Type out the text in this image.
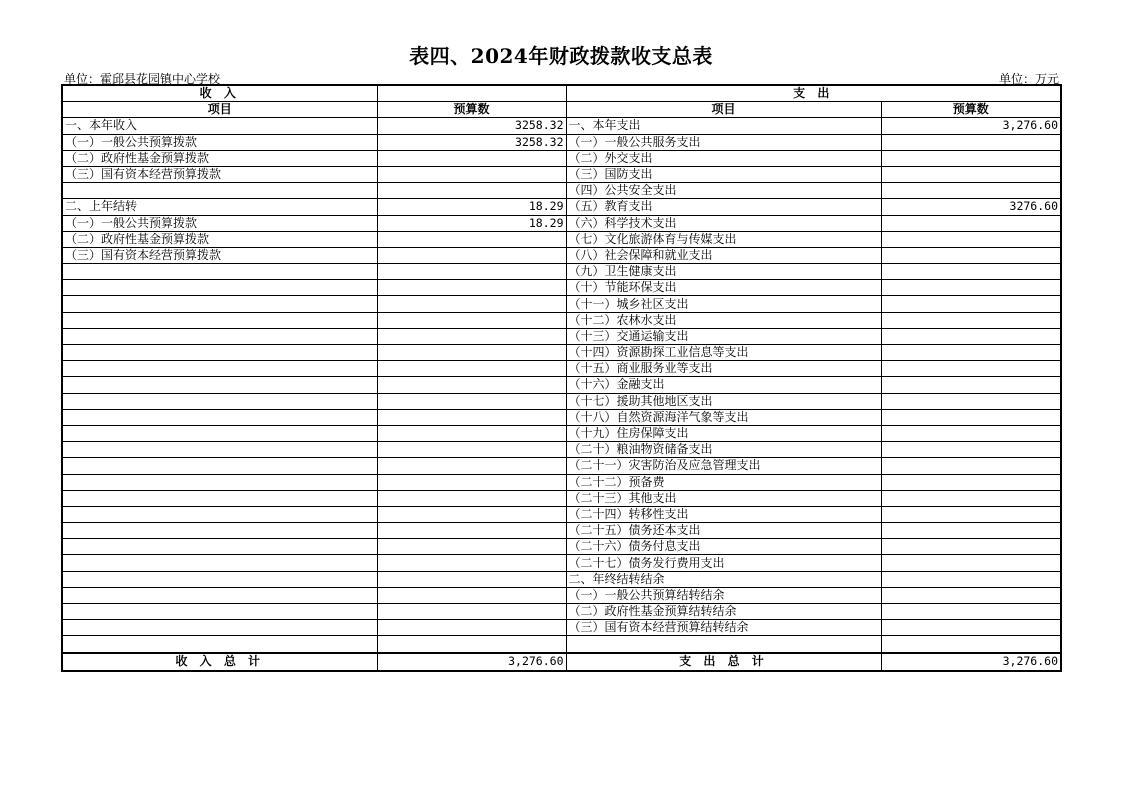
表四、2024年财政拨款收支总表
单位：霍邱县花园镇中心学校	单位：万元
收 入		支 出	
项目	预算数	项目	预算数
一、本年收入	3258.32	一、本年支出	3,276.60
（一）一般公共预算拨款	3258.32	（一）一般公共服务支出	
（二）政府性基金预算拨款		（二）外交支出	
（三）国有资本经营预算拨款		（三）国防支出	
		（四）公共安全支出	
二、上年结转	18.29	（五）教育支出	3276.60
（一）一般公共预算拨款	18.29	（六）科学技术支出	
（二）政府性基金预算拨款		（七）文化旅游体育与传媒支出	
（三）国有资本经营预算拨款		（八）社会保障和就业支出	
		（九）卫生健康支出	
		（十）节能环保支出	
		（十一）城乡社区支出	
		（十二）农林水支出	
		（十三）交通运输支出	
		（十四）资源勘探工业信息等支出	
		（十五）商业服务业等支出	
		（十六）金融支出	
		（十七）援助其他地区支出	
		（十八）自然资源海洋气象等支出	
		（十九）住房保障支出	
		（二十）粮油物资储备支出	
		（二十一）灾害防治及应急管理支出	
		（二十二）预备费	
		（二十三）其他支出	
		（二十四）转移性支出	
		（二十五）债务还本支出	
		（二十六）债务付息支出	
		（二十七）债务发行费用支出	
		二、年终结转结余	
		（一）一般公共预算结转结余	
		（二）政府性基金预算结转结余	
		（三）国有资本经营预算结转结余	

收 入 总 计	3,276.60	支 出 总 计	3,276.60
